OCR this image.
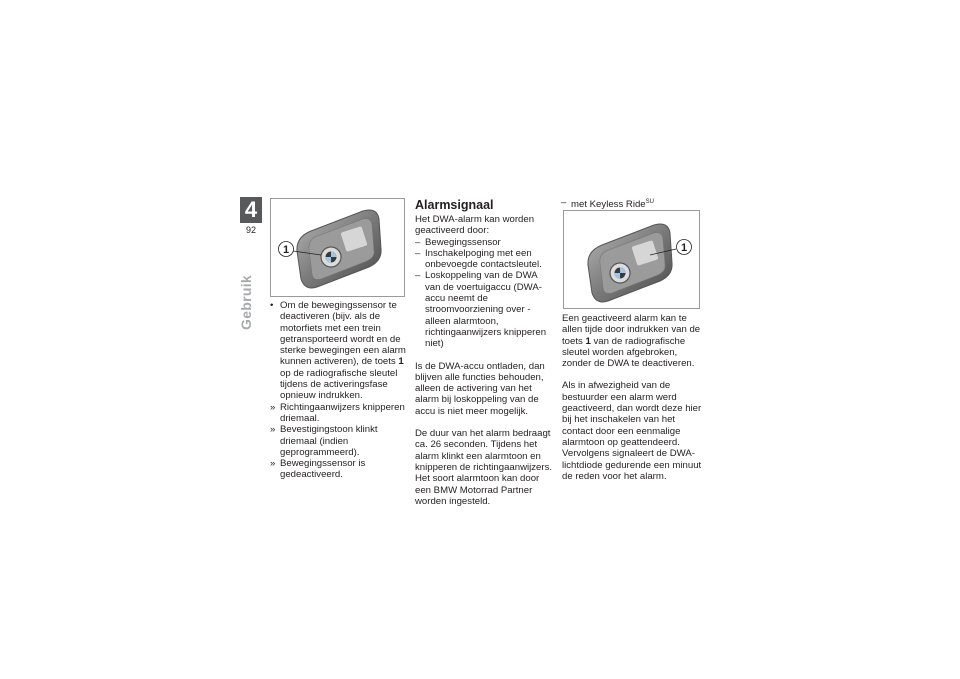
4
92
Gebruik
1
• Om de bewegingssensor te deactiveren (bijv. als de motorfiets met een trein getransporteerd wordt en de sterke bewegingen een alarm kunnen activeren), de toets 1 op de radiografische sleutel tijdens de activeringsfase opnieuw indrukken.
» Richtingaanwijzers knipperen driemaal.
» Bevestigingstoon klinkt driemaal (indien geprogrammeerd).
» Bewegingssensor is gedeactiveerd.
Alarmsignaal
Het DWA-alarm kan worden geactiveerd door:
– Bewegingssensor
– Inschakelpoging met een onbevoegde contactsleutel.
– Loskoppeling van de DWA van de voertuigaccu (DWA-accu neemt de stroomvoorziening over - alleen alarmtoon, richtingaanwijzers knipperen niet)

Is de DWA-accu ontladen, dan blijven alle functies behouden, alleen de activering van het alarm bij loskoppeling van de accu is niet meer mogelijk.

De duur van het alarm bedraagt ca. 26 seconden. Tijdens het alarm klinkt een alarmtoon en knipperen de richtingaanwijzers. Het soort alarmtoon kan door een BMW Motorrad Partner worden ingesteld.

– met Keyless Ride$^{SU}$
1

Een geactiveerd alarm kan te allen tijde door indrukken van de toets 1 van de radiografische sleutel worden afgebroken, zonder de DWA te deactiveren.

Als in afwezigheid van de bestuurder een alarm werd geactiveerd, dan wordt deze hier bij het inschakelen van het contact door een eenmalige alarmtoon op geattendeerd. Vervolgens signaleert de DWA-lichtdiode gedurende een minuut de reden voor het alarm.
